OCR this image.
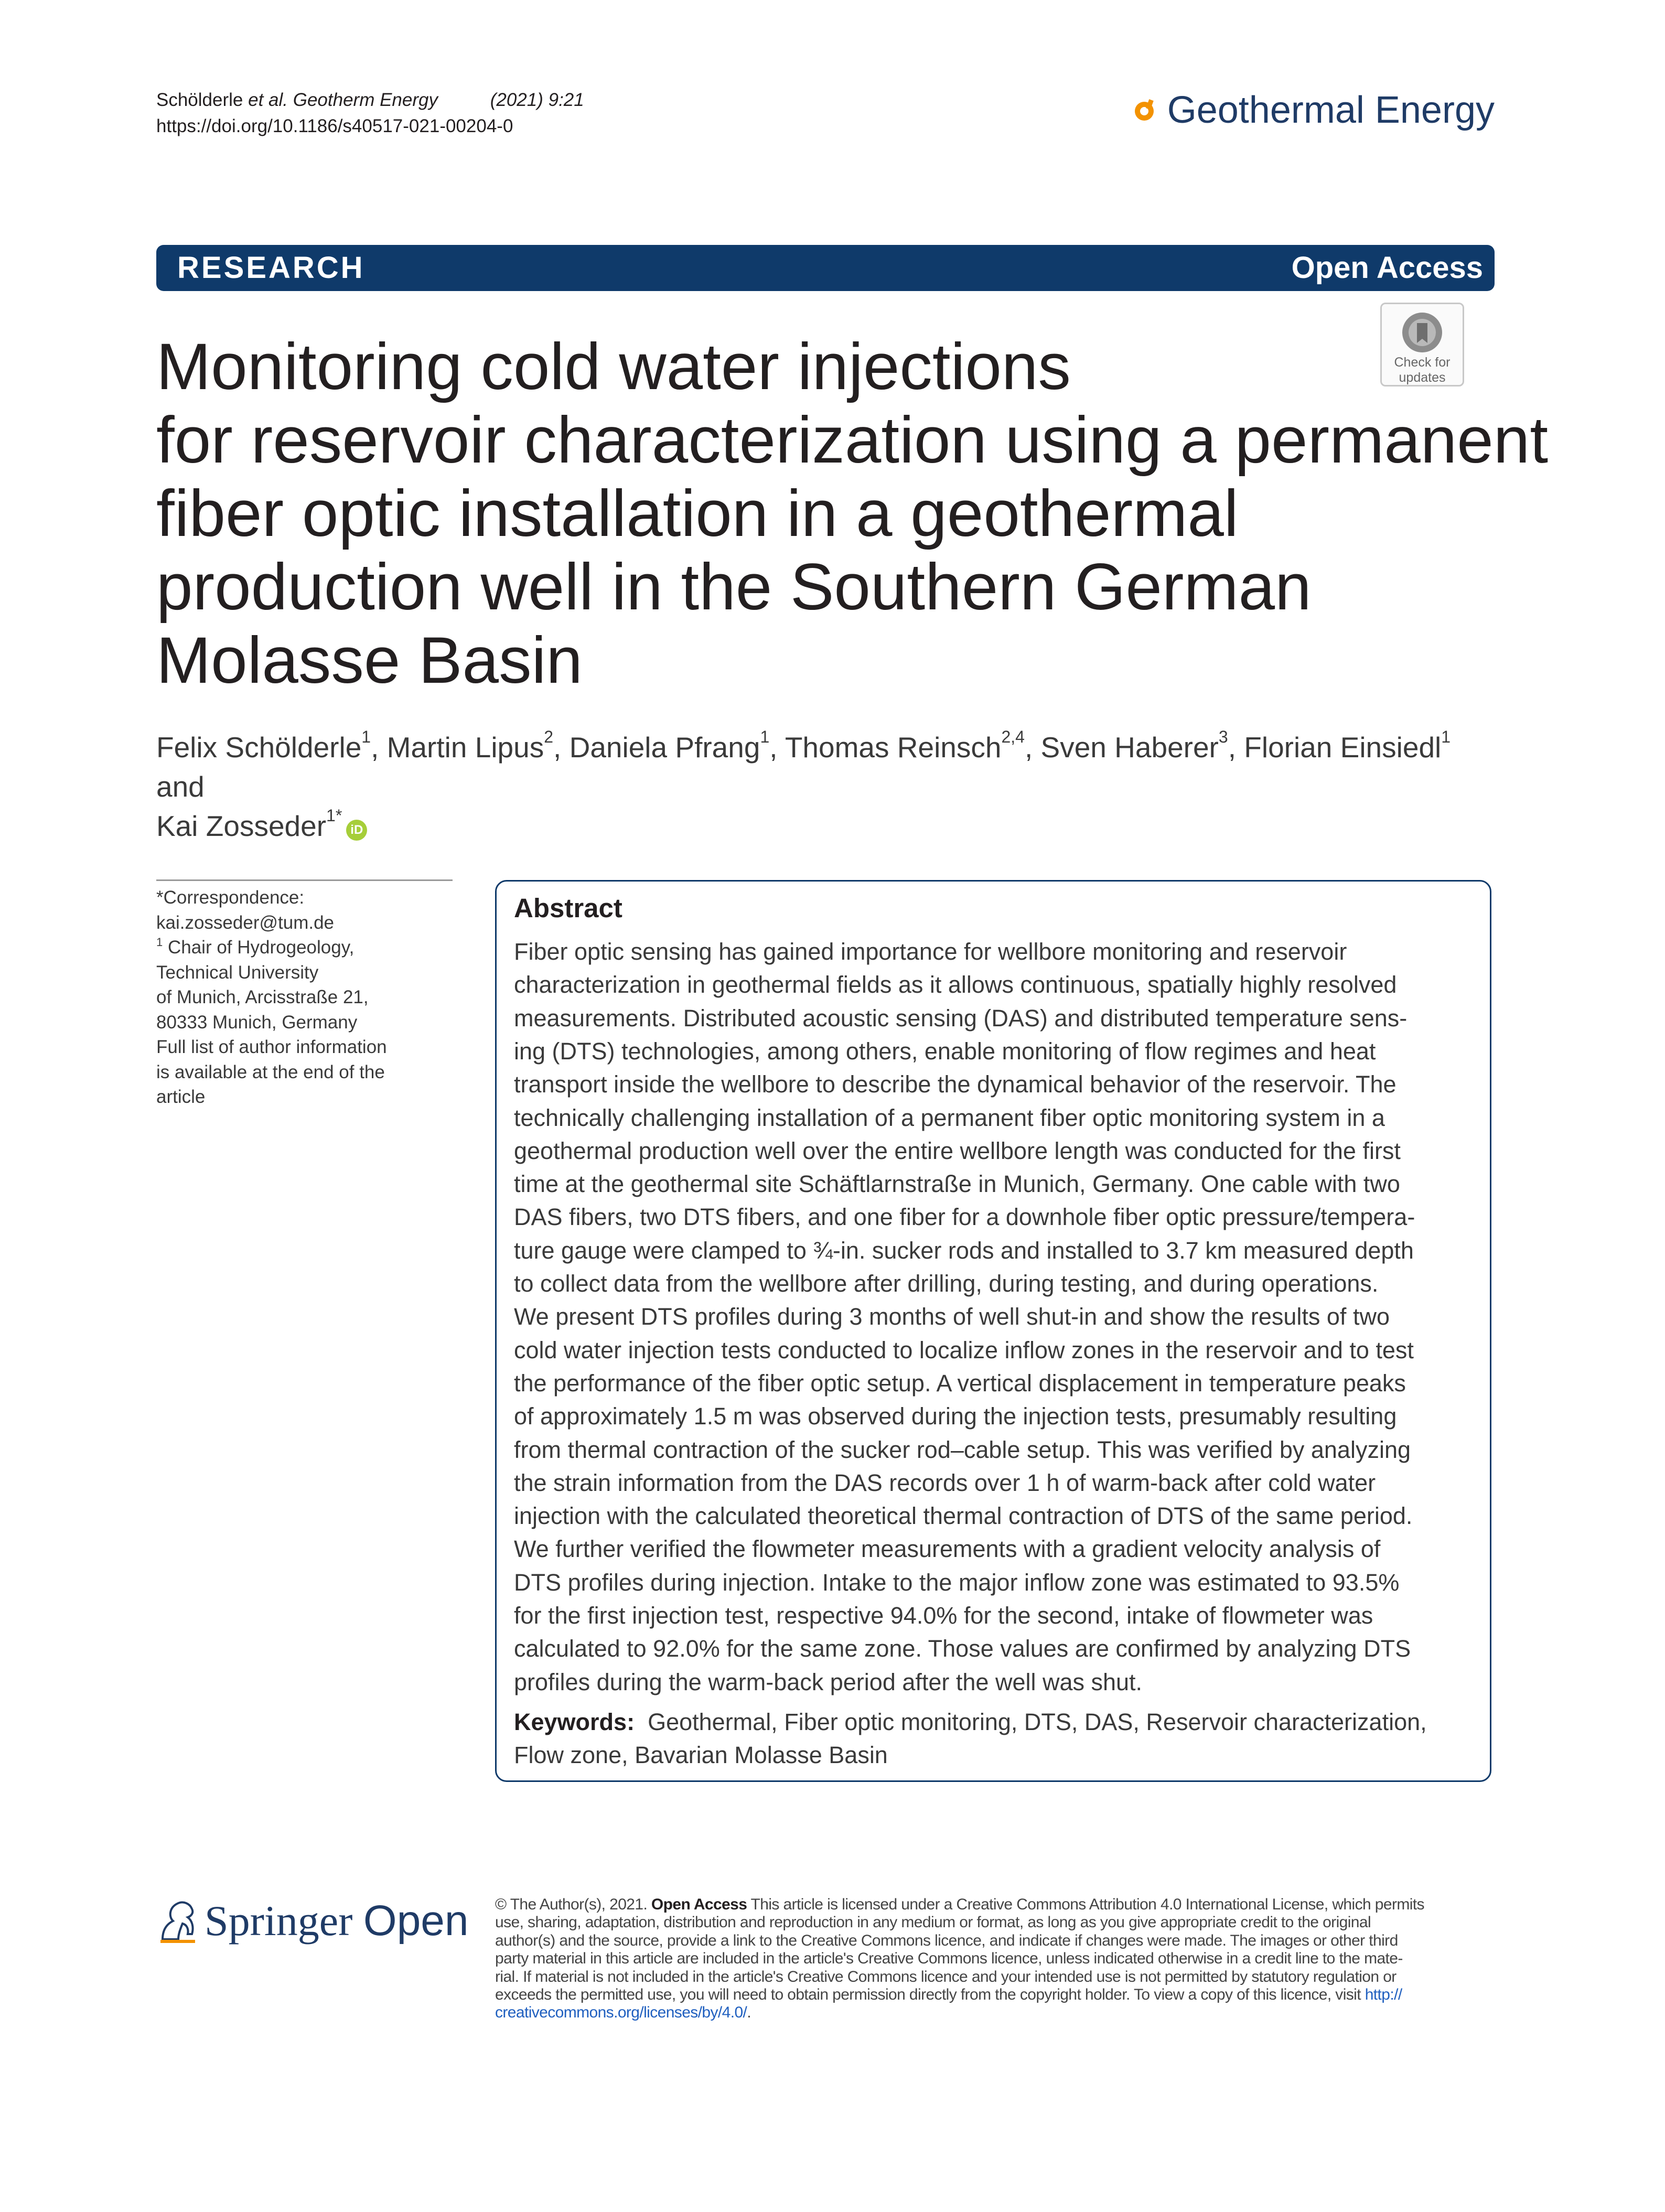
Schölderle et al. Geotherm Energy	(2021) 9:21
https://doi.org/10.1186/s40517-021-00204-0	Geothermal Energy
RESEARCH	Open Access
Check for
updates
Monitoring cold water injections
for reservoir characterization using a permanent
fiber optic installation in a geothermal
production well in the Southern German
Molasse Basin
Felix Schölderle$^1$, Martin Lipus$^2$, Daniela Pfrang$^1$, Thomas Reinsch$^{2,4}$, Sven Haberer$^3$, Florian Einsiedl$^1$ and
Kai Zosseder$^{1*}$iD
*Correspondence:
kai.zosseder@tum.de
$^1$ Chair of Hydrogeology,
Technical University
of Munich, Arcisstraße 21,
80333 Munich, Germany
Full list of author information
is available at the end of the
article
Abstract
Fiber optic sensing has gained importance for wellbore monitoring and reservoir
characterization in geothermal fields as it allows continuous, spatially highly resolved
measurements. Distributed acoustic sensing (DAS) and distributed temperature sens-
ing (DTS) technologies, among others, enable monitoring of flow regimes and heat
transport inside the wellbore to describe the dynamical behavior of the reservoir. The
technically challenging installation of a permanent fiber optic monitoring system in a
geothermal production well over the entire wellbore length was conducted for the first
time at the geothermal site Schäftlarnstraße in Munich, Germany. One cable with two
DAS fibers, two DTS fibers, and one fiber for a downhole fiber optic pressure/tempera-
ture gauge were clamped to ¾-in. sucker rods and installed to 3.7 km measured depth
to collect data from the wellbore after drilling, during testing, and during operations.
We present DTS profiles during 3 months of well shut-in and show the results of two
cold water injection tests conducted to localize inflow zones in the reservoir and to test
the performance of the fiber optic setup. A vertical displacement in temperature peaks
of approximately 1.5 m was observed during the injection tests, presumably resulting
from thermal contraction of the sucker rod–cable setup. This was verified by analyzing
the strain information from the DAS records over 1 h of warm-back after cold water
injection with the calculated theoretical thermal contraction of DTS of the same period.
We further verified the flowmeter measurements with a gradient velocity analysis of
DTS profiles during injection. Intake to the major inflow zone was estimated to 93.5%
for the first injection test, respective 94.0% for the second, intake of flowmeter was
calculated to 92.0% for the same zone. Those values are confirmed by analyzing DTS
profiles during the warm-back period after the well was shut.
Keywords: Geothermal, Fiber optic monitoring, DTS, DAS, Reservoir characterization,
Flow zone, Bavarian Molasse Basin
Springer Open © The Author(s), 2021. Open Access This article is licensed under a Creative Commons Attribution 4.0 International License, which permits
use, sharing, adaptation, distribution and reproduction in any medium or format, as long as you give appropriate credit to the original
author(s) and the source, provide a link to the Creative Commons licence, and indicate if changes were made. The images or other third
party material in this article are included in the article's Creative Commons licence, unless indicated otherwise in a credit line to the mate-
rial. If material is not included in the article's Creative Commons licence and your intended use is not permitted by statutory regulation or
exceeds the permitted use, you will need to obtain permission directly from the copyright holder. To view a copy of this licence, visit http://
creativecommons.org/licenses/by/4.0/.
